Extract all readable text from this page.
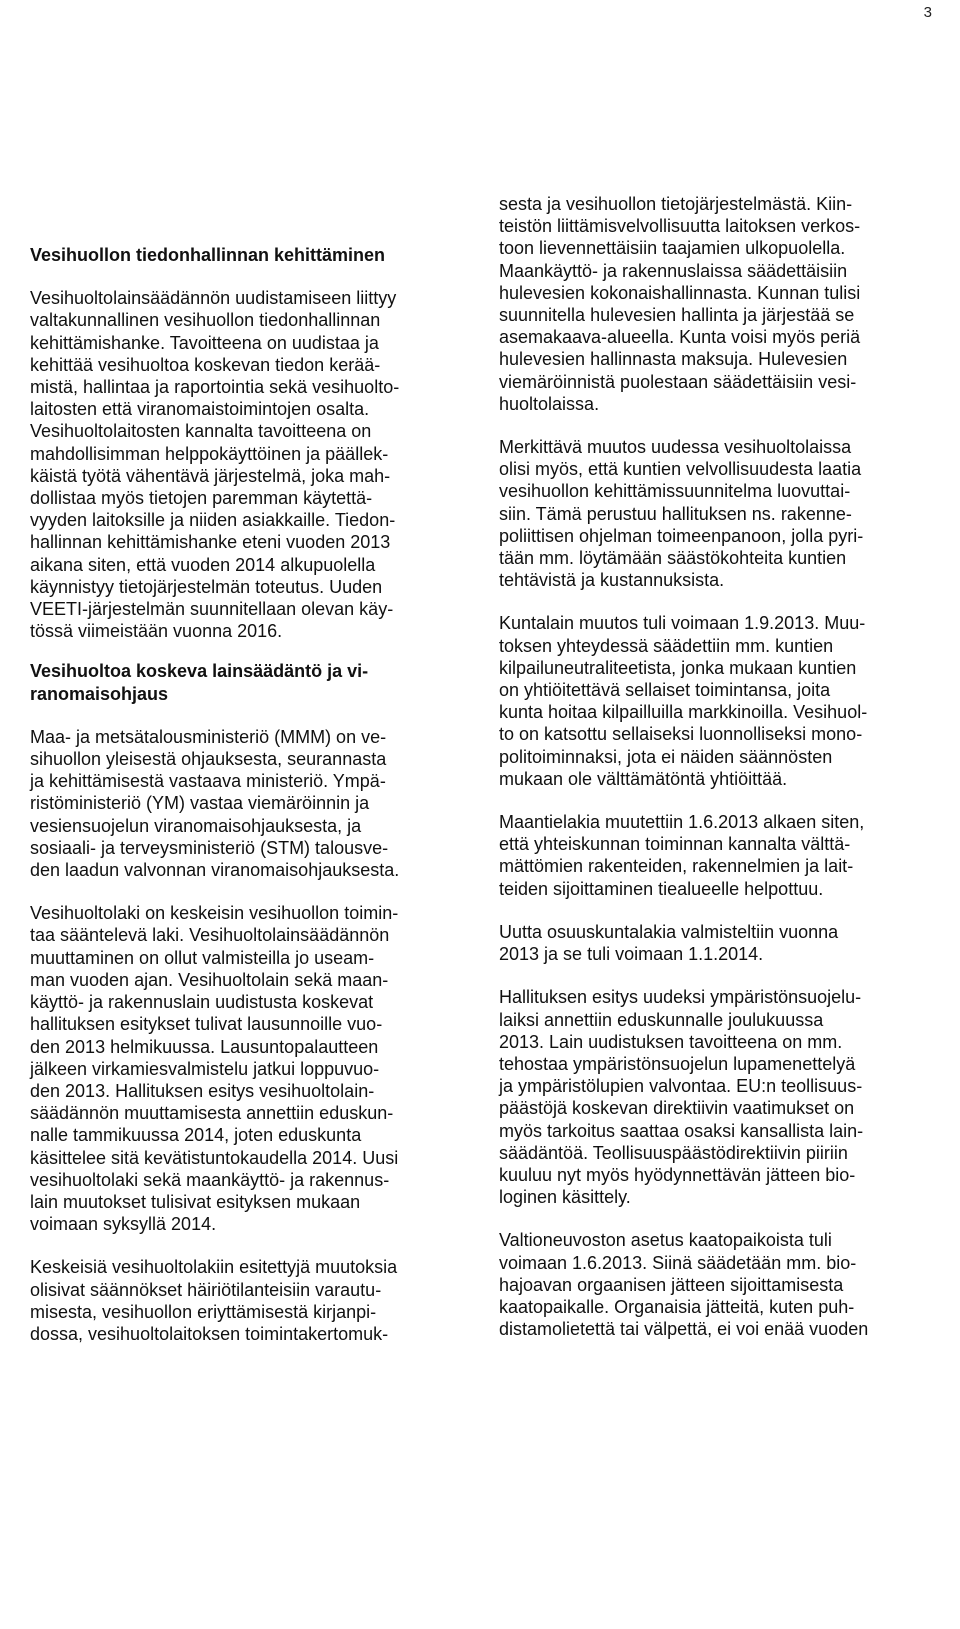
3

Vesihuollon tiedonhallinnan kehittäminen

Vesihuoltolainsäädännön uudistamiseen liittyy
valtakunnallinen vesihuollon tiedonhallinnan
kehittämishanke. Tavoitteena on uudistaa ja
kehittää vesihuoltoa koskevan tiedon kerää-
mistä, hallintaa ja raportointia sekä vesihuolto-
laitosten että viranomaistoimintojen osalta.
Vesihuoltolaitosten kannalta tavoitteena on
mahdollisimman helppokäyttöinen ja päällek-
käistä työtä vähentävä järjestelmä, joka mah-
dollistaa myös tietojen paremman käytettä-
vyyden laitoksille ja niiden asiakkaille. Tiedon-
hallinnan kehittämishanke eteni vuoden 2013
aikana siten, että vuoden 2014 alkupuolella
käynnistyy tietojärjestelmän toteutus. Uuden
VEETI-järjestelmän suunnitellaan olevan käy-
tössä viimeistään vuonna 2016.

Vesihuoltoa koskeva lainsäädäntö ja vi-
ranomaisohjaus

Maa- ja metsätalousministeriö (MMM) on ve-
sihuollon yleisestä ohjauksesta, seurannasta
ja kehittämisestä vastaava ministeriö. Ympä-
ristöministeriö (YM) vastaa viemäröinnin ja
vesiensuojelun viranomaisohjauksesta, ja
sosiaali- ja terveysministeriö (STM) talousve-
den laadun valvonnan viranomaisohjauksesta.

Vesihuoltolaki on keskeisin vesihuollon toimin-
taa sääntelevä laki. Vesihuoltolainsäädännön
muuttaminen on ollut valmisteilla jo useam-
man vuoden ajan. Vesihuoltolain sekä maan-
käyttö- ja rakennuslain uudistusta koskevat
hallituksen esitykset tulivat lausunnoille vuo-
den 2013 helmikuussa. Lausuntopalautteen
jälkeen virkamiesvalmistelu jatkui loppuvuo-
den 2013. Hallituksen esitys vesihuoltolain-
säädännön muuttamisesta annettiin eduskun-
nalle tammikuussa 2014, joten eduskunta
käsittelee sitä kevätistuntokaudella 2014. Uusi
vesihuoltolaki sekä maankäyttö- ja rakennus-
lain muutokset tulisivat esityksen mukaan
voimaan syksyllä 2014.

Keskeisiä vesihuoltolakiin esitettyjä muutoksia
olisivat säännökset häiriötilanteisiin varautu-
misesta, vesihuollon eriyttämisestä kirjanpi-
dossa, vesihuoltolaitoksen toimintakertomuk-

sesta ja vesihuollon tietojärjestelmästä. Kiin-
teistön liittämisvelvollisuutta laitoksen verkos-
toon lievennettäisiin taajamien ulkopuolella.
Maankäyttö- ja rakennuslaissa säädettäisiin
hulevesien kokonaishallinnasta. Kunnan tulisi
suunnitella hulevesien hallinta ja järjestää se
asemakaava-alueella. Kunta voisi myös periä
hulevesien hallinnasta maksuja. Hulevesien
viemäröinnistä puolestaan säädettäisiin vesi-
huoltolaissa.

Merkittävä muutos uudessa vesihuoltolaissa
olisi myös, että kuntien velvollisuudesta laatia
vesihuollon kehittämissuunnitelma luovuttai-
siin. Tämä perustuu hallituksen ns. rakenne-
poliittisen ohjelman toimeenpanoon, jolla pyri-
tään mm. löytämään säästökohteita kuntien
tehtävistä ja kustannuksista.

Kuntalain muutos tuli voimaan 1.9.2013. Muu-
toksen yhteydessä säädettiin mm. kuntien
kilpailuneutraliteetista, jonka mukaan kuntien
on yhtiöitettävä sellaiset toimintansa, joita
kunta hoitaa kilpailluilla markkinoilla. Vesihuol-
to on katsottu sellaiseksi luonnolliseksi mono-
politoiminnaksi, jota ei näiden säännösten
mukaan ole välttämätöntä yhtiöittää.

Maantielakia muutettiin 1.6.2013 alkaen siten,
että yhteiskunnan toiminnan kannalta välttä-
mättömien rakenteiden, rakennelmien ja lait-
teiden sijoittaminen tiealueelle helpottuu.

Uutta osuuskuntalakia valmisteltiin vuonna
2013 ja se tuli voimaan 1.1.2014.

Hallituksen esitys uudeksi ympäristönsuojelu-
laiksi annettiin eduskunnalle joulukuussa
2013. Lain uudistuksen tavoitteena on mm.
tehostaa ympäristönsuojelun lupamenettelyä
ja ympäristölupien valvontaa. EU:n teollisuus-
päästöjä koskevan direktiivin vaatimukset on
myös tarkoitus saattaa osaksi kansallista lain-
säädäntöä. Teollisuuspäästödirektiivin piiriin
kuuluu nyt myös hyödynnettävän jätteen bio-
loginen käsittely.

Valtioneuvoston asetus kaatopaikoista tuli
voimaan 1.6.2013. Siinä säädetään mm. bio-
hajoavan orgaanisen jätteen sijoittamisesta
kaatopaikalle. Organaisia jätteitä, kuten puh-
distamolietettä tai välpettä, ei voi enää vuoden
